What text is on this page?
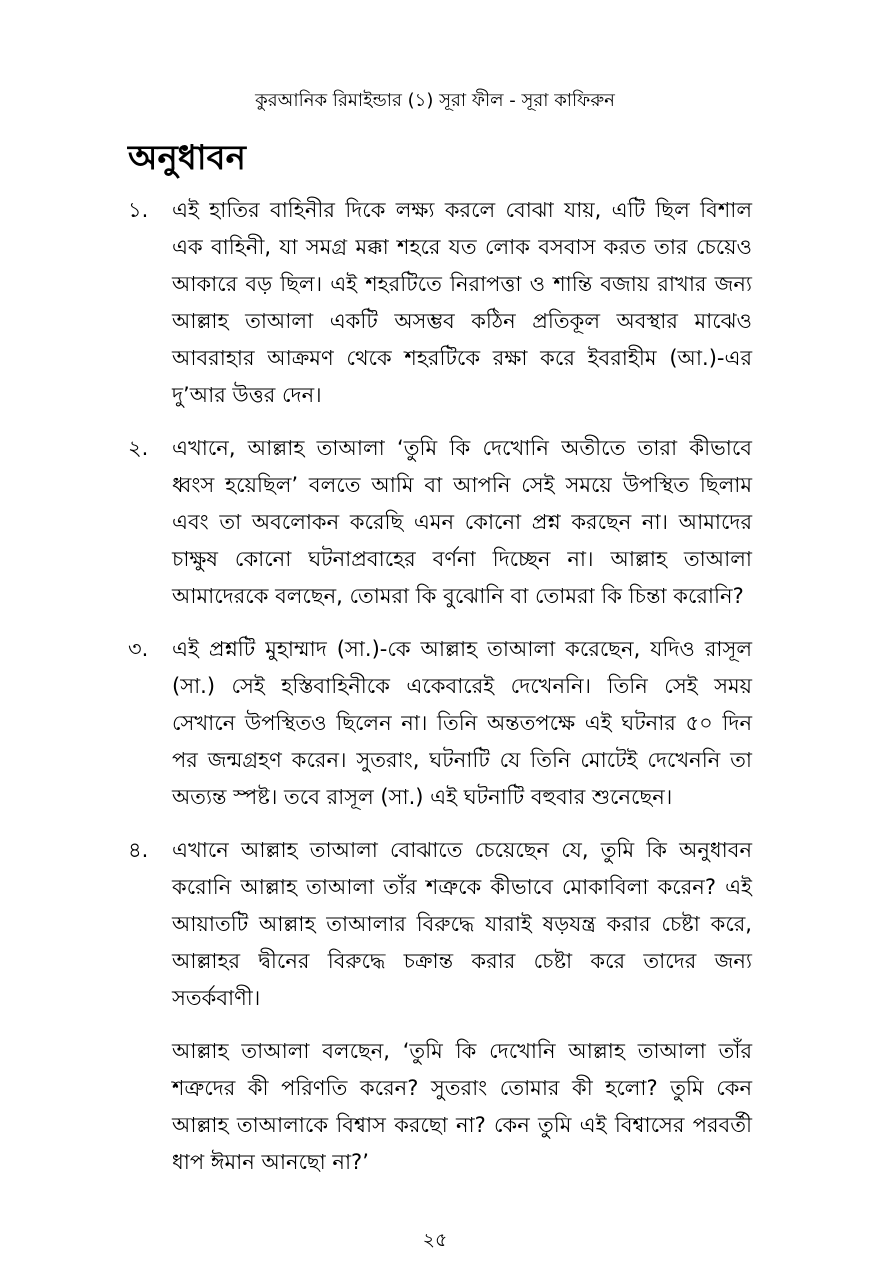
কুরআনিক রিমাইন্ডার (১) সূরা ফীল - সূরা কাফিরুন
অনুধাবন
১. এই হাতির বাহিনীর দিকে লক্ষ্য করলে বোঝা যায়, এটি ছিল বিশাল এক বাহিনী, যা সমগ্র মক্কা শহরে যত লোক বসবাস করত তার চেয়েও আকারে বড় ছিল। এই শহরটিতে নিরাপত্তা ও শান্তি বজায় রাখার জন্য আল্লাহ তাআলা একটি অসম্ভব কঠিন প্রতিকূল অবস্থার মাঝেও আবরাহার আক্রমণ থেকে শহরটিকে রক্ষা করে ইবরাহীম (আ.)-এর দু’আর উত্তর দেন।

২. এখানে, আল্লাহ তাআলা ‘তুমি কি দেখোনি অতীতে তারা কীভাবে ধ্বংস হয়েছিল’ বলতে আমি বা আপনি সেই সময়ে উপস্থিত ছিলাম এবং তা অবলোকন করেছি এমন কোনো প্রশ্ন করছেন না। আমাদের চাক্ষুষ কোনো ঘটনাপ্রবাহের বর্ণনা দিচ্ছেন না। আল্লাহ তাআলা আমাদেরকে বলছেন, তোমরা কি বুঝোনি বা তোমরা কি চিন্তা করোনি?

৩. এই প্রশ্নটি মুহাম্মাদ (সা.)-কে আল্লাহ তাআলা করেছেন, যদিও রাসূল (সা.) সেই হস্তিবাহিনীকে একেবারেই দেখেননি। তিনি সেই সময় সেখানে উপস্থিতও ছিলেন না। তিনি অন্ততপক্ষে এই ঘটনার ৫০ দিন পর জন্মগ্রহণ করেন। সুতরাং, ঘটনাটি যে তিনি মোটেই দেখেননি তা অত্যন্ত স্পষ্ট। তবে রাসূল (সা.) এই ঘটনাটি বহুবার শুনেছেন।

৪. এখানে আল্লাহ তাআলা বোঝাতে চেয়েছেন যে, তুমি কি অনুধাবন করোনি আল্লাহ তাআলা তাঁর শত্রুকে কীভাবে মোকাবিলা করেন? এই আয়াতটি আল্লাহ তাআলার বিরুদ্ধে যারাই ষড়যন্ত্র করার চেষ্টা করে, আল্লাহর দ্বীনের বিরুদ্ধে চক্রান্ত করার চেষ্টা করে তাদের জন্য সতর্কবাণী।

আল্লাহ তাআলা বলছেন, ‘তুমি কি দেখোনি আল্লাহ তাআলা তাঁর শত্রুদের কী পরিণতি করেন? সুতরাং তোমার কী হলো? তুমি কেন আল্লাহ তাআলাকে বিশ্বাস করছো না? কেন তুমি এই বিশ্বাসের পরবর্তী ধাপ ঈমান আনছো না?’

২৫
